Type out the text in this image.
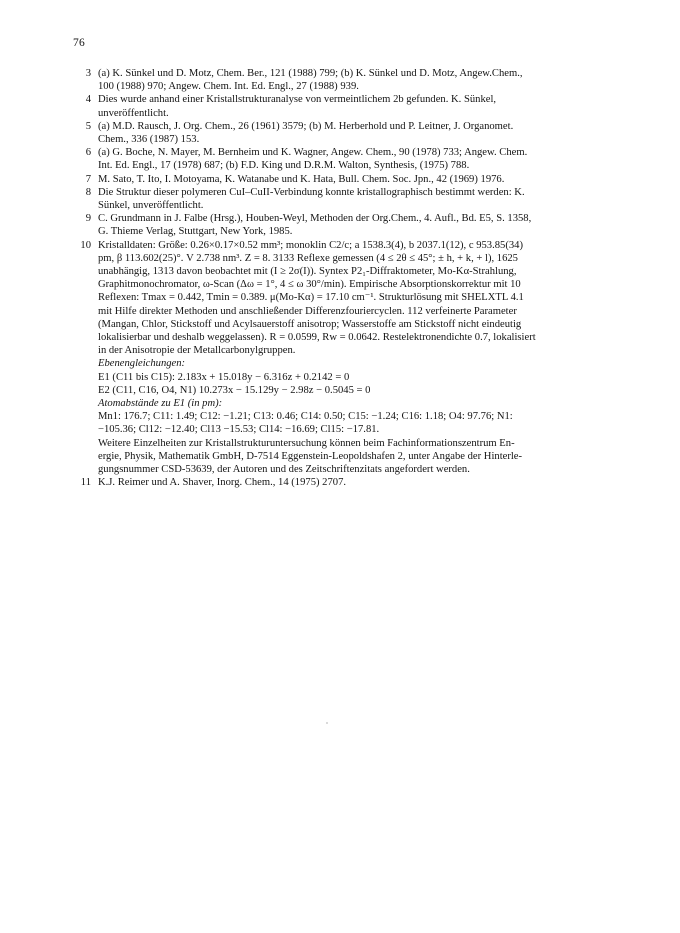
76
3 (a) K. Sünkel und D. Motz, Chem. Ber., 121 (1988) 799; (b) K. Sünkel und D. Motz, Angew.Chem.,
100 (1988) 970; Angew. Chem. Int. Ed. Engl., 27 (1988) 939.
4 Dies wurde anhand einer Kristallstrukturanalyse von vermeintlichem 2b gefunden. K. Sünkel,
unveröffentlicht.
5 (a) M.D. Rausch, J. Org. Chem., 26 (1961) 3579; (b) M. Herberhold und P. Leitner, J. Organomet.
Chem., 336 (1987) 153.
6 (a) G. Boche, N. Mayer, M. Bernheim und K. Wagner, Angew. Chem., 90 (1978) 733; Angew. Chem.
Int. Ed. Engl., 17 (1978) 687; (b) F.D. King und D.R.M. Walton, Synthesis, (1975) 788.
7 M. Sato, T. Ito, I. Motoyama, K. Watanabe und K. Hata, Bull. Chem. Soc. Jpn., 42 (1969) 1976.
8 Die Struktur dieser polymeren CuI–CuII-Verbindung konnte kristallographisch bestimmt werden: K.
Sünkel, unveröffentlicht.
9 C. Grundmann in J. Falbe (Hrsg.), Houben-Weyl, Methoden der Org.Chem., 4. Aufl., Bd. E5, S. 1358,
G. Thieme Verlag, Stuttgart, New York, 1985.
10 Kristalldaten: Größe: 0.26×0.17×0.52 mm³; monoklin C2/c; a 1538.3(4), b 2037.1(12), c 953.85(34)
pm, β 113.602(25)°. V 2.738 nm³. Z = 8. 3133 Reflexe gemessen (4 ≤ 2θ ≤ 45°; ± h, + k, + l), 1625
unabhängig, 1313 davon beobachtet mit (I ≥ 2σ(I)). Syntex P2₁-Diffraktometer, Mo-Kα-Strahlung,
Graphitmonochromator, ω-Scan (Δω = 1°, 4 ≤ ω 30°/min). Empirische Absorptionskorrektur mit 10
Reflexen: Tmax = 0.442, Tmin = 0.389. μ(Mo-Kα) = 17.10 cm⁻¹. Strukturlösung mit SHELXTL 4.1
mit Hilfe direkter Methoden und anschließender Differenzfouriercyclen. 112 verfeinerte Parameter
(Mangan, Chlor, Stickstoff und Acylsauerstoff anisotrop; Wasserstoffe am Stickstoff nicht eindeutig
lokalisierbar und deshalb weggelassen). R = 0.0599, Rw = 0.0642. Restelektronendichte 0.7, lokalisiert
in der Anisotropie der Metallcarbonylgruppen.
Ebenengleichungen:
E1 (C11 bis C15): 2.183x + 15.018y − 6.316z + 0.2142 = 0
E2 (C11, C16, O4, N1) 10.273x − 15.129y − 2.98z − 0.5045 = 0
Atomabstände zu E1 (in pm):
Mn1: 176.7; C11: 1.49; C12: −1.21; C13: 0.46; C14: 0.50; C15: −1.24; C16: 1.18; O4: 97.76; N1:
−105.36; Cl12: −12.40; Cl13 −15.53; Cl14: −16.69; Cl15: −17.81.
Weitere Einzelheiten zur Kristallstrukturuntersuchung können beim Fachinformationszentrum En-
ergie, Physik, Mathematik GmbH, D-7514 Eggenstein-Leopoldshafen 2, unter Angabe der Hinterle-
gungsnummer CSD-53639, der Autoren und des Zeitschriftenzitats angefordert werden.
11 K.J. Reimer und A. Shaver, Inorg. Chem., 14 (1975) 2707.
